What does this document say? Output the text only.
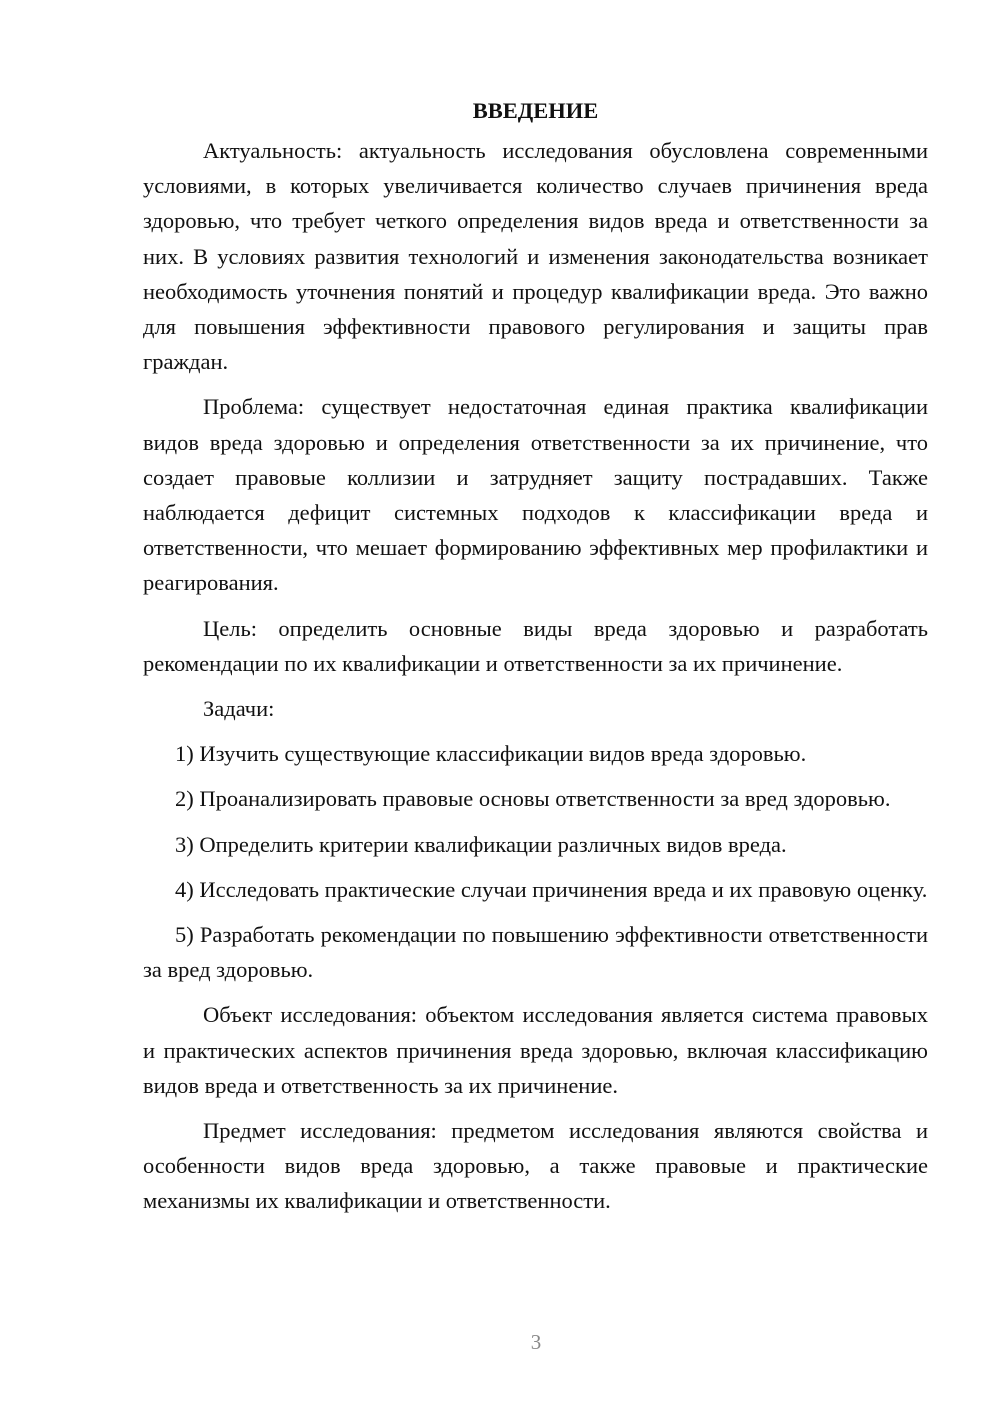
ВВЕДЕНИЕ

Актуальность: актуальность исследования обусловлена современными условиями, в которых увеличивается количество случаев причинения вреда здоровью, что требует четкого определения видов вреда и ответственности за них. В условиях развития технологий и изменения законодательства возникает необходимость уточнения понятий и процедур квалификации вреда. Это важно для повышения эффективности правового регулирования и защиты прав граждан.

Проблема: существует недостаточная единая практика квалификации видов вреда здоровью и определения ответственности за их причинение, что создает правовые коллизии и затрудняет защиту пострадавших. Также наблюдается дефицит системных подходов к классификации вреда и ответственности, что мешает формированию эффективных мер профилактики и реагирования.

Цель: определить основные виды вреда здоровью и разработать рекомендации по их квалификации и ответственности за их причинение.

Задачи:

1) Изучить существующие классификации видов вреда здоровью.

2) Проанализировать правовые основы ответственности за вред здоровью.

3) Определить критерии квалификации различных видов вреда.

4) Исследовать практические случаи причинения вреда и их правовую оценку.

5) Разработать рекомендации по повышению эффективности ответственности за вред здоровью.

Объект исследования: объектом исследования является система правовых и практических аспектов причинения вреда здоровью, включая классификацию видов вреда и ответственность за их причинение.

Предмет исследования: предметом исследования являются свойства и особенности видов вреда здоровью, а также правовые и практические механизмы их квалификации и ответственности.

3
